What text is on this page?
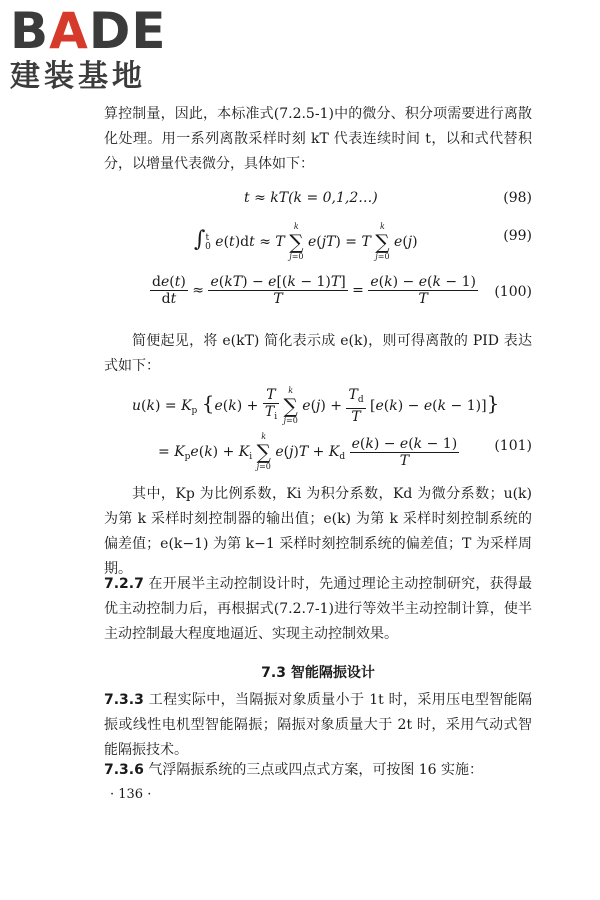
BADE
建装基地

算控制量，因此，本标准式(7.2.5-1)中的微分、积分项需要进行离散化处理。用一系列离散采样时刻 kT 代表连续时间 t，以和式代替积分，以增量代表微分，具体如下：

t ≈ kT(k = 0,1,2…)	(98)
∫$^t_0$ e(t)dt ≈ T
k
∑
j=0
e(jT) = T
k
∑
j=0
e(j)	(99)
$\frac{de(t)}{dt} \approx \frac{e(kT) - e[(k - 1)T]}{T} = \frac{e(k) - e(k - 1)}{T} (100)$

简便起见，将 e(kT) 简化表示成 e(k)，则可得离散的 PID 表达式如下：

$u(k) = K_p$ {$e(k) + \frac{T}{T_i}$
	k
∑
j=0
$e(j) + \frac{T_d}{T} [e(k) - e(k - 1)]$}
= $K_pe(k) + K_i$
k
∑
j=0
$e(j)T + K_d \frac{e(k) - e(k - 1)}{T}$	(101)

其中，Kp 为比例系数，Ki 为积分系数，Kd 为微分系数；u(k) 为第 k 采样时刻控制器的输出值；e(k) 为第 k 采样时刻控制系统的偏差值；e(k−1) 为第 k−1 采样时刻控制系统的偏差值；T 为采样周期。

7.2.7 在开展半主动控制设计时，先通过理论主动控制研究，获得最优主动控制力后，再根据式(7.2.7-1)进行等效半主动控制计算，使半主动控制最大程度地逼近、实现主动控制效果。

7.3 智能隔振设计

7.3.3 工程实际中，当隔振对象质量小于 1t 时，采用压电型智能隔振或线性电机型智能隔振；隔振对象质量大于 2t 时，采用气动式智能隔振技术。

7.3.6 气浮隔振系统的三点或四点式方案，可按图 16 实施：

· 136 ·
